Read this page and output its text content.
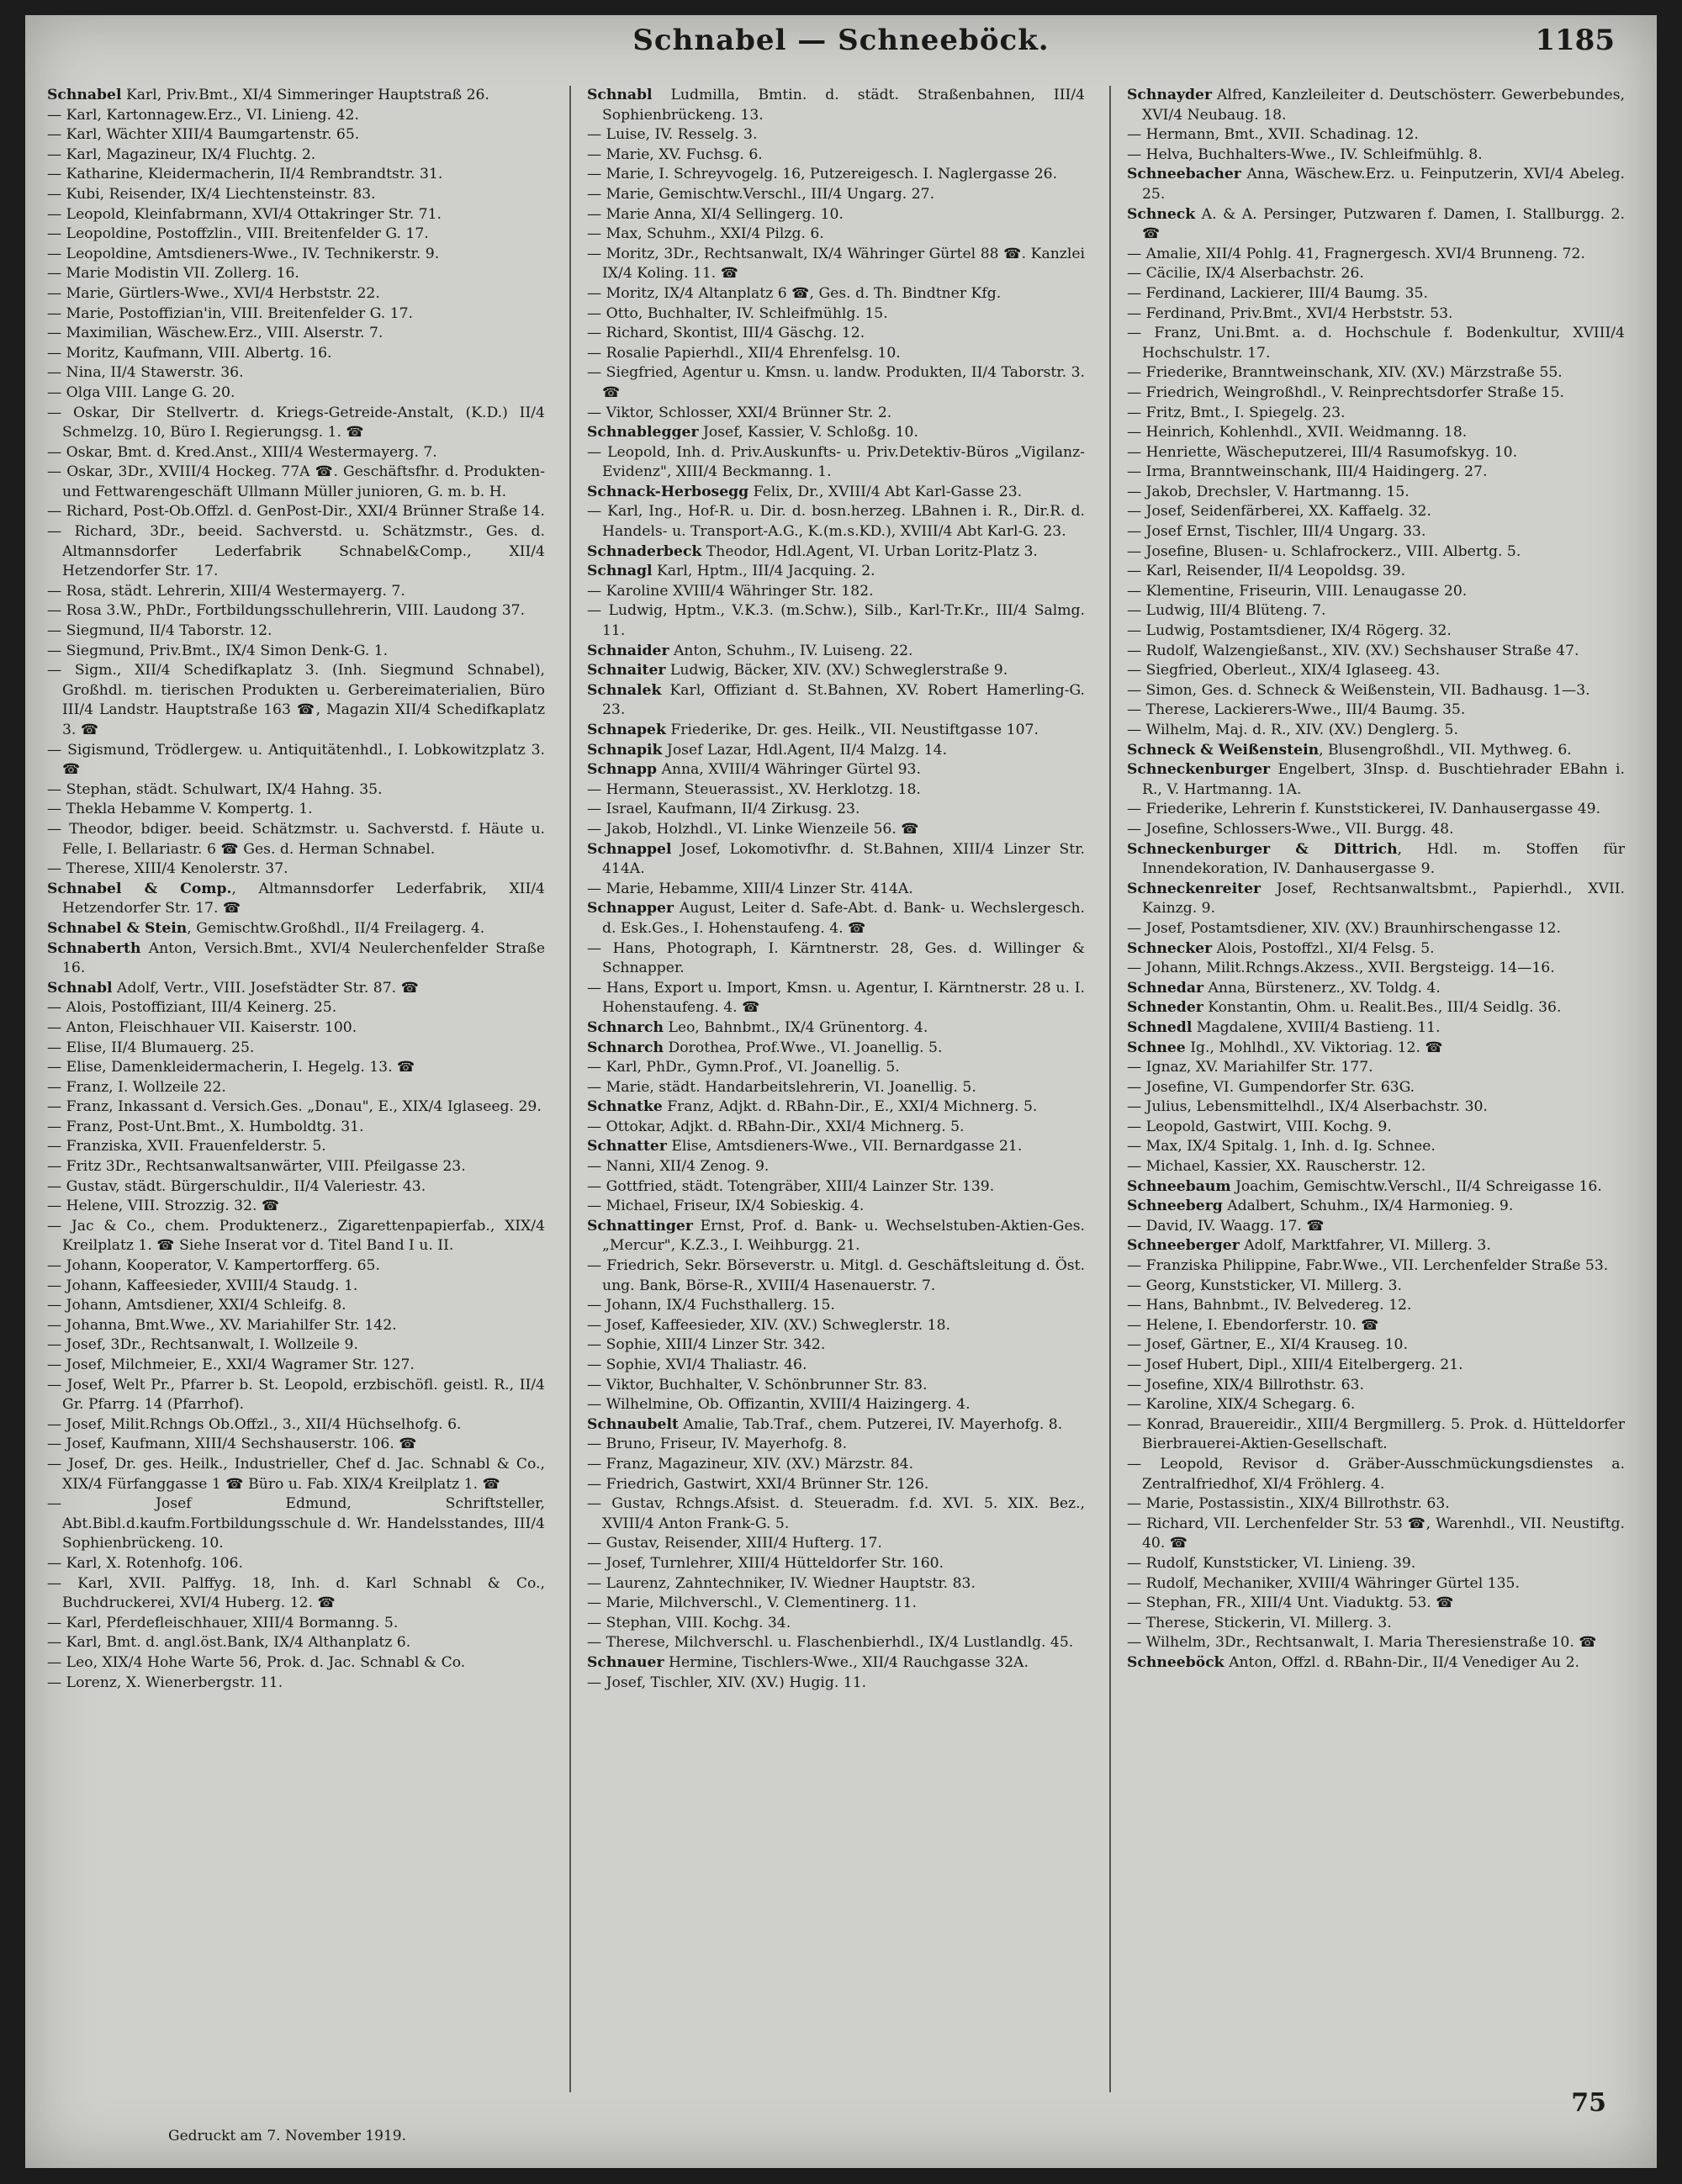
Schnabel — Schneeböck.	1185
Schnabel Karl, Priv.Bmt., XI/4 Simmeringer Hauptstraß 26.
— Karl, Kartonnagew.Erz., VI. Linieng. 42.
— Karl, Wächter XIII/4 Baumgartenstr. 65.
— Karl, Magazineur, IX/4 Fluchtg. 2.
— Katharine, Kleidermacherin, II/4 Rembrandtstr. 31.
— Kubi, Reisender, IX/4 Liechtensteinstr. 83.
— Leopold, Kleinfabrmann, XVI/4 Ottakringer Str. 71.
— Leopoldine, Postoffzlin., VIII. Breitenfelder G. 17.
— Leopoldine, Amtsdieners-Wwe., IV. Technikerstr. 9.
— Marie Modistin VII. Zollerg. 16.
— Marie, Gürtlers-Wwe., XVI/4 Herbststr. 22.
— Marie, Postoffizian'in, VIII. Breitenfelder G. 17.
— Maximilian, Wäschew.Erz., VIII. Alserstr. 7.
— Moritz, Kaufmann, VIII. Albertg. 16.
— Nina, II/4 Stawerstr. 36.
— Olga VIII. Lange G. 20.
— Oskar, Dir Stellvertr. d. Kriegs-Getreide-Anstalt, (K.D.) II/4 Schmelzg. 10, Büro I. Regierungsg. 1. ☎
— Oskar, Bmt. d. Kred.Anst., XIII/4 Westermayerg. 7.
— Oskar, 3Dr., XVIII/4 Hockeg. 77A ☎. Geschäftsfhr. d. Produkten- und Fettwarengeschäft Ullmann Müller junioren, G. m. b. H.
— Richard, Post-Ob.Offzl. d. GenPost-Dir., XXI/4 Brünner Straße 14.
— Richard, 3Dr., beeid. Sachverstd. u. Schätzmstr., Ges. d. Altmannsdorfer Lederfabrik Schnabel&Comp., XII/4 Hetzendorfer Str. 17.
— Rosa, städt. Lehrerin, XIII/4 Westermayerg. 7.
— Rosa 3.W., PhDr., Fortbildungsschullehrerin, VIII. Laudong 37.
— Siegmund, II/4 Taborstr. 12.
— Siegmund, Priv.Bmt., IX/4 Simon Denk-G. 1.
— Sigm., XII/4 Schedifkaplatz 3. (Inh. Siegmund Schnabel), Großhdl. m. tierischen Produkten u. Gerbereimaterialien, Büro III/4 Landstr. Hauptstraße 163 ☎, Magazin XII/4 Schedifkaplatz 3. ☎
— Sigismund, Trödlergew. u. Antiquitätenhdl., I. Lobkowitzplatz 3. ☎
— Stephan, städt. Schulwart, IX/4 Hahng. 35.
— Thekla Hebamme V. Kompertg. 1.
— Theodor, bdiger. beeid. Schätzmstr. u. Sachverstd. f. Häute u. Felle, I. Bellariastr. 6 ☎ Ges. d. Herman Schnabel.
— Therese, XIII/4 Kenolerstr. 37.
Schnabel & Comp., Altmannsdorfer Lederfabrik, XII/4 Hetzendorfer Str. 17. ☎
Schnabel & Stein, Gemischtw.Großhdl., II/4 Freilagerg. 4.
Schnaberth Anton, Versich.Bmt., XVI/4 Neulerchenfelder Straße 16.
Schnabl Adolf, Vertr., VIII. Josefstädter Str. 87. ☎
— Alois, Postoffiziant, III/4 Keinerg. 25.
— Anton, Fleischhauer VII. Kaiserstr. 100.
— Elise, II/4 Blumauerg. 25.
— Elise, Damenkleidermacherin, I. Hegelg. 13. ☎
— Franz, I. Wollzeile 22.
— Franz, Inkassant d. Versich.Ges. „Donau", E., XIX/4 Iglaseeg. 29.
— Franz, Post-Unt.Bmt., X. Humboldtg. 31.
— Franziska, XVII. Frauenfelderstr. 5.
— Fritz 3Dr., Rechtsanwaltsanwärter, VIII. Pfeilgasse 23.
— Gustav, städt. Bürgerschuldir., II/4 Valeriestr. 43.
— Helene, VIII. Strozzig. 32. ☎
— Jac & Co., chem. Produktenerz., Zigarettenpapierfab., XIX/4 Kreilplatz 1. ☎ Siehe Inserat vor d. Titel Band I u. II.
— Johann, Kooperator, V. Kampertorfferg. 65.
— Johann, Kaffeesieder, XVIII/4 Staudg. 1.
— Johann, Amtsdiener, XXI/4 Schleifg. 8.
— Johanna, Bmt.Wwe., XV. Mariahilfer Str. 142.
— Josef, 3Dr., Rechtsanwalt, I. Wollzeile 9.
— Josef, Milchmeier, E., XXI/4 Wagramer Str. 127.
— Josef, Welt Pr., Pfarrer b. St. Leopold, erzbischöfl. geistl. R., II/4 Gr. Pfarrg. 14 (Pfarrhof).
— Josef, Milit.Rchngs Ob.Offzl., 3., XII/4 Hüchselhofg. 6.
— Josef, Kaufmann, XIII/4 Sechshauserstr. 106. ☎
— Josef, Dr. ges. Heilk., Industrieller, Chef d. Jac. Schnabl & Co., XIX/4 Fürfanggasse 1 ☎ Büro u. Fab. XIX/4 Kreilplatz 1. ☎
— Josef Edmund, Schriftsteller, Abt.Bibl.d.kaufm.Fortbildungsschule d. Wr. Handelsstandes, III/4 Sophienbrückeng. 10.
— Karl, X. Rotenhofg. 106.
— Karl, XVII. Palffyg. 18, Inh. d. Karl Schnabl & Co., Buchdruckerei, XVI/4 Huberg. 12. ☎
— Karl, Pferdefleischhauer, XIII/4 Bormanng. 5.
— Karl, Bmt. d. angl.öst.Bank, IX/4 Althanplatz 6.
— Leo, XIX/4 Hohe Warte 56, Prok. d. Jac. Schnabl & Co.
— Lorenz, X. Wienerbergstr. 11.
Schnabl Ludmilla, Bmtin. d. städt. Straßenbahnen, III/4 Sophienbrückeng. 13.
— Luise, IV. Resselg. 3.
— Marie, XV. Fuchsg. 6.
— Marie, I. Schreyvogelg. 16, Putzereigesch. I. Naglergasse 26.
— Marie, Gemischtw.Verschl., III/4 Ungarg. 27.
— Marie Anna, XI/4 Sellingerg. 10.
— Max, Schuhm., XXI/4 Pilzg. 6.
— Moritz, 3Dr., Rechtsanwalt, IX/4 Währinger Gürtel 88 ☎. Kanzlei IX/4 Koling. 11. ☎
— Moritz, IX/4 Altanplatz 6 ☎, Ges. d. Th. Bindtner Kfg.
— Otto, Buchhalter, IV. Schleifmühlg. 15.
— Richard, Skontist, III/4 Gäschg. 12.
— Rosalie Papierhdl., XII/4 Ehrenfelsg. 10.
— Siegfried, Agentur u. Kmsn. u. landw. Produkten, II/4 Taborstr. 3. ☎
— Viktor, Schlosser, XXI/4 Brünner Str. 2.
Schnablegger Josef, Kassier, V. Schloßg. 10.
— Leopold, Inh. d. Priv.Auskunfts- u. Priv.Detektiv-Büros „Vigilanz-Evidenz", XIII/4 Beckmanng. 1.
Schnack-Herbosegg Felix, Dr., XVIII/4 Abt Karl-Gasse 23.
— Karl, Ing., Hof-R. u. Dir. d. bosn.herzeg. LBahnen i. R., Dir.R. d. Handels- u. Transport-A.G., K.(m.s.KD.), XVIII/4 Abt Karl-G. 23.
Schnaderbeck Theodor, Hdl.Agent, VI. Urban Loritz-Platz 3.
Schnagl Karl, Hptm., III/4 Jacquing. 2.
— Karoline XVIII/4 Währinger Str. 182.
— Ludwig, Hptm., V.K.3. (m.Schw.), Silb., Karl-Tr.Kr., III/4 Salmg. 11.
Schnaider Anton, Schuhm., IV. Luiseng. 22.
Schnaiter Ludwig, Bäcker, XIV. (XV.) Schweglerstraße 9.
Schnalek Karl, Offiziant d. St.Bahnen, XV. Robert Hamerling-G. 23.
Schnapek Friederike, Dr. ges. Heilk., VII. Neustiftgasse 107.
Schnapik Josef Lazar, Hdl.Agent, II/4 Malzg. 14.
Schnapp Anna, XVIII/4 Währinger Gürtel 93.
— Hermann, Steuerassist., XV. Herklotzg. 18.
— Israel, Kaufmann, II/4 Zirkusg. 23.
— Jakob, Holzhdl., VI. Linke Wienzeile 56. ☎
Schnappel Josef, Lokomotivfhr. d. St.Bahnen, XIII/4 Linzer Str. 414A.
— Marie, Hebamme, XIII/4 Linzer Str. 414A.
Schnapper August, Leiter d. Safe-Abt. d. Bank- u. Wechslergesch. d. Esk.Ges., I. Hohenstaufeng. 4. ☎
— Hans, Photograph, I. Kärntnerstr. 28, Ges. d. Willinger & Schnapper.
— Hans, Export u. Import, Kmsn. u. Agentur, I. Kärntnerstr. 28 u. I. Hohenstaufeng. 4. ☎
Schnarch Leo, Bahnbmt., IX/4 Grünentorg. 4.
Schnarch Dorothea, Prof.Wwe., VI. Joanellig. 5.
— Karl, PhDr., Gymn.Prof., VI. Joanellig. 5.
— Marie, städt. Handarbeitslehrerin, VI. Joanellig. 5.
Schnatke Franz, Adjkt. d. RBahn-Dir., E., XXI/4 Michnerg. 5.
— Ottokar, Adjkt. d. RBahn-Dir., XXI/4 Michnerg. 5.
Schnatter Elise, Amtsdieners-Wwe., VII. Bernardgasse 21.
— Nanni, XII/4 Zenog. 9.
— Gottfried, städt. Totengräber, XIII/4 Lainzer Str. 139.
— Michael, Friseur, IX/4 Sobieskig. 4.
Schnattinger Ernst, Prof. d. Bank- u. Wechselstuben-Aktien-Ges. „Mercur", K.Z.3., I. Weihburgg. 21.
— Friedrich, Sekr. Börseverstr. u. Mitgl. d. Geschäftsleitung d. Öst. ung. Bank, Börse-R., XVIII/4 Hasenauerstr. 7.
— Johann, IX/4 Fuchsthallerg. 15.
— Josef, Kaffeesieder, XIV. (XV.) Schweglerstr. 18.
— Sophie, XIII/4 Linzer Str. 342.
— Sophie, XVI/4 Thaliastr. 46.
— Viktor, Buchhalter, V. Schönbrunner Str. 83.
— Wilhelmine, Ob. Offizantin, XVIII/4 Haizingerg. 4.
Schnaubelt Amalie, Tab.Traf., chem. Putzerei, IV. Mayerhofg. 8.
— Bruno, Friseur, IV. Mayerhofg. 8.
— Franz, Magazineur, XIV. (XV.) Märzstr. 84.
— Friedrich, Gastwirt, XXI/4 Brünner Str. 126.
— Gustav, Rchngs.Afsist. d. Steueradm. f.d. XVI. 5. XIX. Bez., XVIII/4 Anton Frank-G. 5.
— Gustav, Reisender, XIII/4 Hufterg. 17.
— Josef, Turnlehrer, XIII/4 Hütteldorfer Str. 160.
— Laurenz, Zahntechniker, IV. Wiedner Hauptstr. 83.
— Marie, Milchverschl., V. Clementinerg. 11.
— Stephan, VIII. Kochg. 34.
— Therese, Milchverschl. u. Flaschenbierhdl., IX/4 Lustlandlg. 45.
Schnauer Hermine, Tischlers-Wwe., XII/4 Rauchgasse 32A.
— Josef, Tischler, XIV. (XV.) Hugig. 11.
Schnayder Alfred, Kanzleileiter d. Deutschösterr. Gewerbebundes, XVI/4 Neubaug. 18.
— Hermann, Bmt., XVII. Schadinag. 12.
— Helva, Buchhalters-Wwe., IV. Schleifmühlg. 8.
Schneebacher Anna, Wäschew.Erz. u. Feinputzerin, XVI/4 Abeleg. 25.
Schneck A. & A. Persinger, Putzwaren f. Damen, I. Stallburgg. 2. ☎
— Amalie, XII/4 Pohlg. 41, Fragnergesch. XVI/4 Brunneng. 72.
— Cäcilie, IX/4 Alserbachstr. 26.
— Ferdinand, Lackierer, III/4 Baumg. 35.
— Ferdinand, Priv.Bmt., XVI/4 Herbststr. 53.
— Franz, Uni.Bmt. a. d. Hochschule f. Bodenkultur, XVIII/4 Hochschulstr. 17.
— Friederike, Branntweinschank, XIV. (XV.) Märzstraße 55.
— Friedrich, Weingroßhdl., V. Reinprechtsdorfer Straße 15.
— Fritz, Bmt., I. Spiegelg. 23.
— Heinrich, Kohlenhdl., XVII. Weidmanng. 18.
— Henriette, Wäscheputzerei, III/4 Rasumofskyg. 10.
— Irma, Branntweinschank, III/4 Haidingerg. 27.
— Jakob, Drechsler, V. Hartmanng. 15.
— Josef, Seidenfärberei, XX. Kaffaelg. 32.
— Josef Ernst, Tischler, III/4 Ungarg. 33.
— Josefine, Blusen- u. Schlafrockerz., VIII. Albertg. 5.
— Karl, Reisender, II/4 Leopoldsg. 39.
— Klementine, Friseurin, VIII. Lenaugasse 20.
— Ludwig, III/4 Blüteng. 7.
— Ludwig, Postamtsdiener, IX/4 Rögerg. 32.
— Rudolf, Walzengießanst., XIV. (XV.) Sechshauser Straße 47.
— Siegfried, Oberleut., XIX/4 Iglaseeg. 43.
— Simon, Ges. d. Schneck & Weißenstein, VII. Badhausg. 1—3.
— Therese, Lackierers-Wwe., III/4 Baumg. 35.
— Wilhelm, Maj. d. R., XIV. (XV.) Denglerg. 5.
Schneck & Weißenstein, Blusengroßhdl., VII. Mythweg. 6.
Schneckenburger Engelbert, 3Insp. d. Buschtiehrader EBahn i. R., V. Hartmanng. 1A.
— Friederike, Lehrerin f. Kunststickerei, IV. Danhausergasse 49.
— Josefine, Schlossers-Wwe., VII. Burgg. 48.
Schneckenburger & Dittrich, Hdl. m. Stoffen für Innendekoration, IV. Danhausergasse 9.
Schneckenreiter Josef, Rechtsanwaltsbmt., Papierhdl., XVII. Kainzg. 9.
— Josef, Postamtsdiener, XIV. (XV.) Braunhirschengasse 12.
Schnecker Alois, Postoffzl., XI/4 Felsg. 5.
— Johann, Milit.Rchngs.Akzess., XVII. Bergsteigg. 14—16.
Schnedar Anna, Bürstenerz., XV. Toldg. 4.
Schneder Konstantin, Ohm. u. Realit.Bes., III/4 Seidlg. 36.
Schnedl Magdalene, XVIII/4 Bastieng. 11.
Schnee Ig., Mohlhdl., XV. Viktoriag. 12. ☎
— Ignaz, XV. Mariahilfer Str. 177.
— Josefine, VI. Gumpendorfer Str. 63G.
— Julius, Lebensmittelhdl., IX/4 Alserbachstr. 30.
— Leopold, Gastwirt, VIII. Kochg. 9.
— Max, IX/4 Spitalg. 1, Inh. d. Ig. Schnee.
— Michael, Kassier, XX. Rauscherstr. 12.
Schneebaum Joachim, Gemischtw.Verschl., II/4 Schreigasse 16.
Schneeberg Adalbert, Schuhm., IX/4 Harmonieg. 9.
— David, IV. Waagg. 17. ☎
Schneeberger Adolf, Marktfahrer, VI. Millerg. 3.
— Franziska Philippine, Fabr.Wwe., VII. Lerchenfelder Straße 53.
— Georg, Kunststicker, VI. Millerg. 3.
— Hans, Bahnbmt., IV. Belvedereg. 12.
— Helene, I. Ebendorferstr. 10. ☎
— Josef, Gärtner, E., XI/4 Krauseg. 10.
— Josef Hubert, Dipl., XIII/4 Eitelbergerg. 21.
— Josefine, XIX/4 Billrothstr. 63.
— Karoline, XIX/4 Schegarg. 6.
— Konrad, Brauereidir., XIII/4 Bergmillerg. 5. Prok. d. Hütteldorfer Bierbrauerei-Aktien-Gesellschaft.
— Leopold, Revisor d. Gräber-Ausschmückungsdienstes a. Zentralfriedhof, XI/4 Fröhlerg. 4.
— Marie, Postassistin., XIX/4 Billrothstr. 63.
— Richard, VII. Lerchenfelder Str. 53 ☎, Warenhdl., VII. Neustiftg. 40. ☎
— Rudolf, Kunststicker, VI. Linieng. 39.
— Rudolf, Mechaniker, XVIII/4 Währinger Gürtel 135.
— Stephan, FR., XIII/4 Unt. Viaduktg. 53. ☎
— Therese, Stickerin, VI. Millerg. 3.
— Wilhelm, 3Dr., Rechtsanwalt, I. Maria Theresienstraße 10. ☎
Schneeböck Anton, Offzl. d. RBahn-Dir., II/4 Venediger Au 2.
Gedruckt am 7. November 1919.
75
